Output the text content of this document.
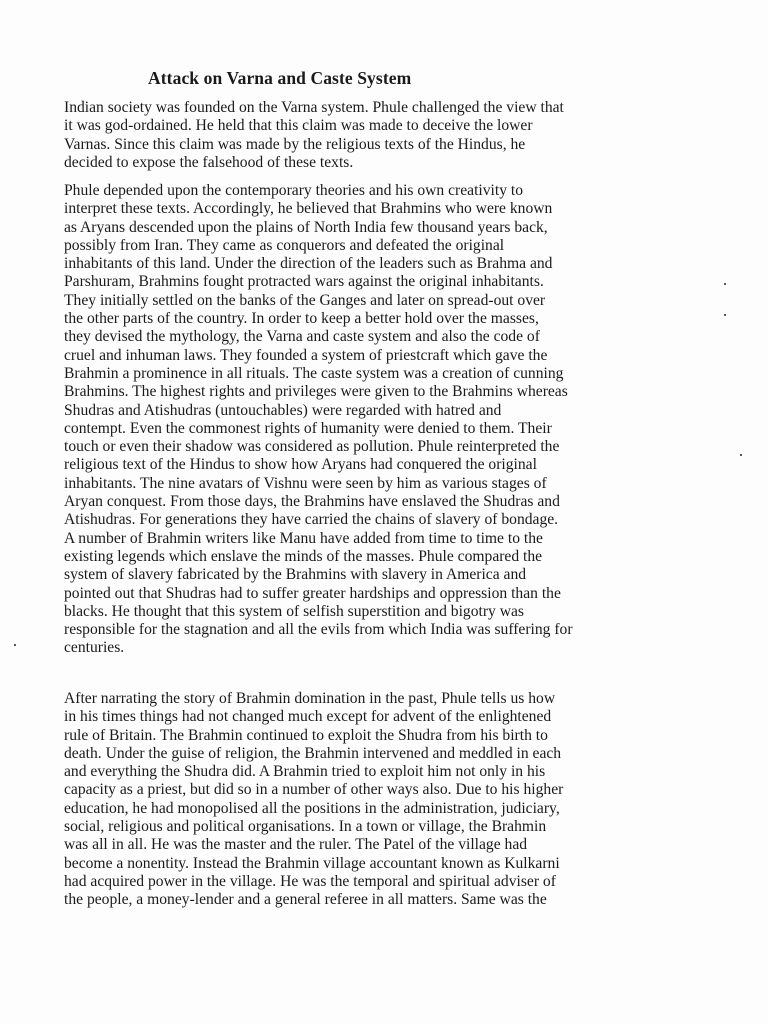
Attack on Varna and Caste System
Indian society was founded on the Varna system. Phule challenged the view that
it was god-ordained. He held that this claim was made to deceive the lower
Varnas. Since this claim was made by the religious texts of the Hindus, he
decided to expose the falsehood of these texts.
Phule depended upon the contemporary theories and his own creativity to
interpret these texts. Accordingly, he believed that Brahmins who were known
as Aryans descended upon the plains of North India few thousand years back,
possibly from Iran. They came as conquerors and defeated the original
inhabitants of this land. Under the direction of the leaders such as Brahma and
Parshuram, Brahmins fought protracted wars against the original inhabitants.
They initially settled on the banks of the Ganges and later on spread-out over
the other parts of the country. In order to keep a better hold over the masses,
they devised the mythology, the Varna and caste system and also the code of
cruel and inhuman laws. They founded a system of priestcraft which gave the
Brahmin a prominence in all rituals. The caste system was a creation of cunning
Brahmins. The highest rights and privileges were given to the Brahmins whereas
Shudras and Atishudras (untouchables) were regarded with hatred and
contempt. Even the commonest rights of humanity were denied to them. Their
touch or even their shadow was considered as pollution. Phule reinterpreted the
religious text of the Hindus to show how Aryans had conquered the original
inhabitants. The nine avatars of Vishnu were seen by him as various stages of
Aryan conquest. From those days, the Brahmins have enslaved the Shudras and
Atishudras. For generations they have carried the chains of slavery of bondage.
A number of Brahmin writers like Manu have added from time to time to the
existing legends which enslave the minds of the masses. Phule compared the
system of slavery fabricated by the Brahmins with slavery in America and
pointed out that Shudras had to suffer greater hardships and oppression than the
blacks. He thought that this system of selfish superstition and bigotry was
responsible for the stagnation and all the evils from which India was suffering for
centuries.
After narrating the story of Brahmin domination in the past, Phule tells us how
in his times things had not changed much except for advent of the enlightened
rule of Britain. The Brahmin continued to exploit the Shudra from his birth to
death. Under the guise of religion, the Brahmin intervened and meddled in each
and everything the Shudra did. A Brahmin tried to exploit him not only in his
capacity as a priest, but did so in a number of other ways also. Due to his higher
education, he had monopolised all the positions in the administration, judiciary,
social, religious and political organisations. In a town or village, the Brahmin
was all in all. He was the master and the ruler. The Patel of the village had
become a nonentity. Instead the Brahmin village accountant known as Kulkarni
had acquired power in the village. He was the temporal and spiritual adviser of
the people, a money-lender and a general referee in all matters. Same was the
